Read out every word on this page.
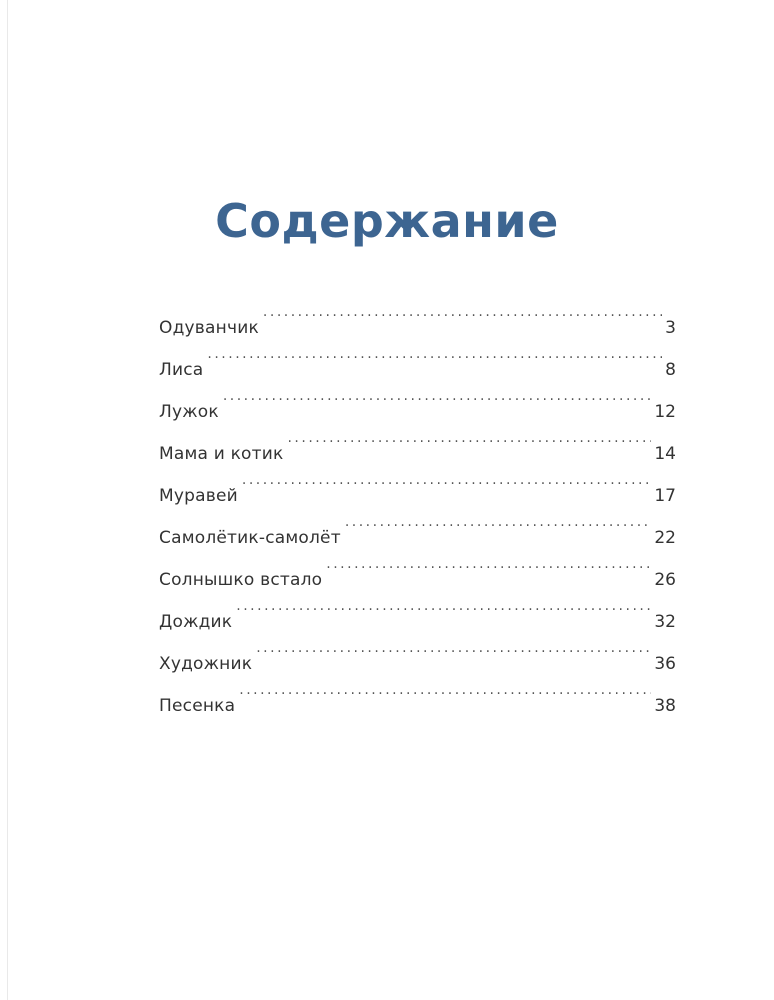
Содержание
Одуванчик .....	3
Лиса .....	8
Лужок .....	12
Мама и котик .....	14
Муравей .....	17
Самолётик-самолёт .....	22
Солнышко встало .....	26
Дождик .....	32
Художник .....	36
Песенка .....	38
